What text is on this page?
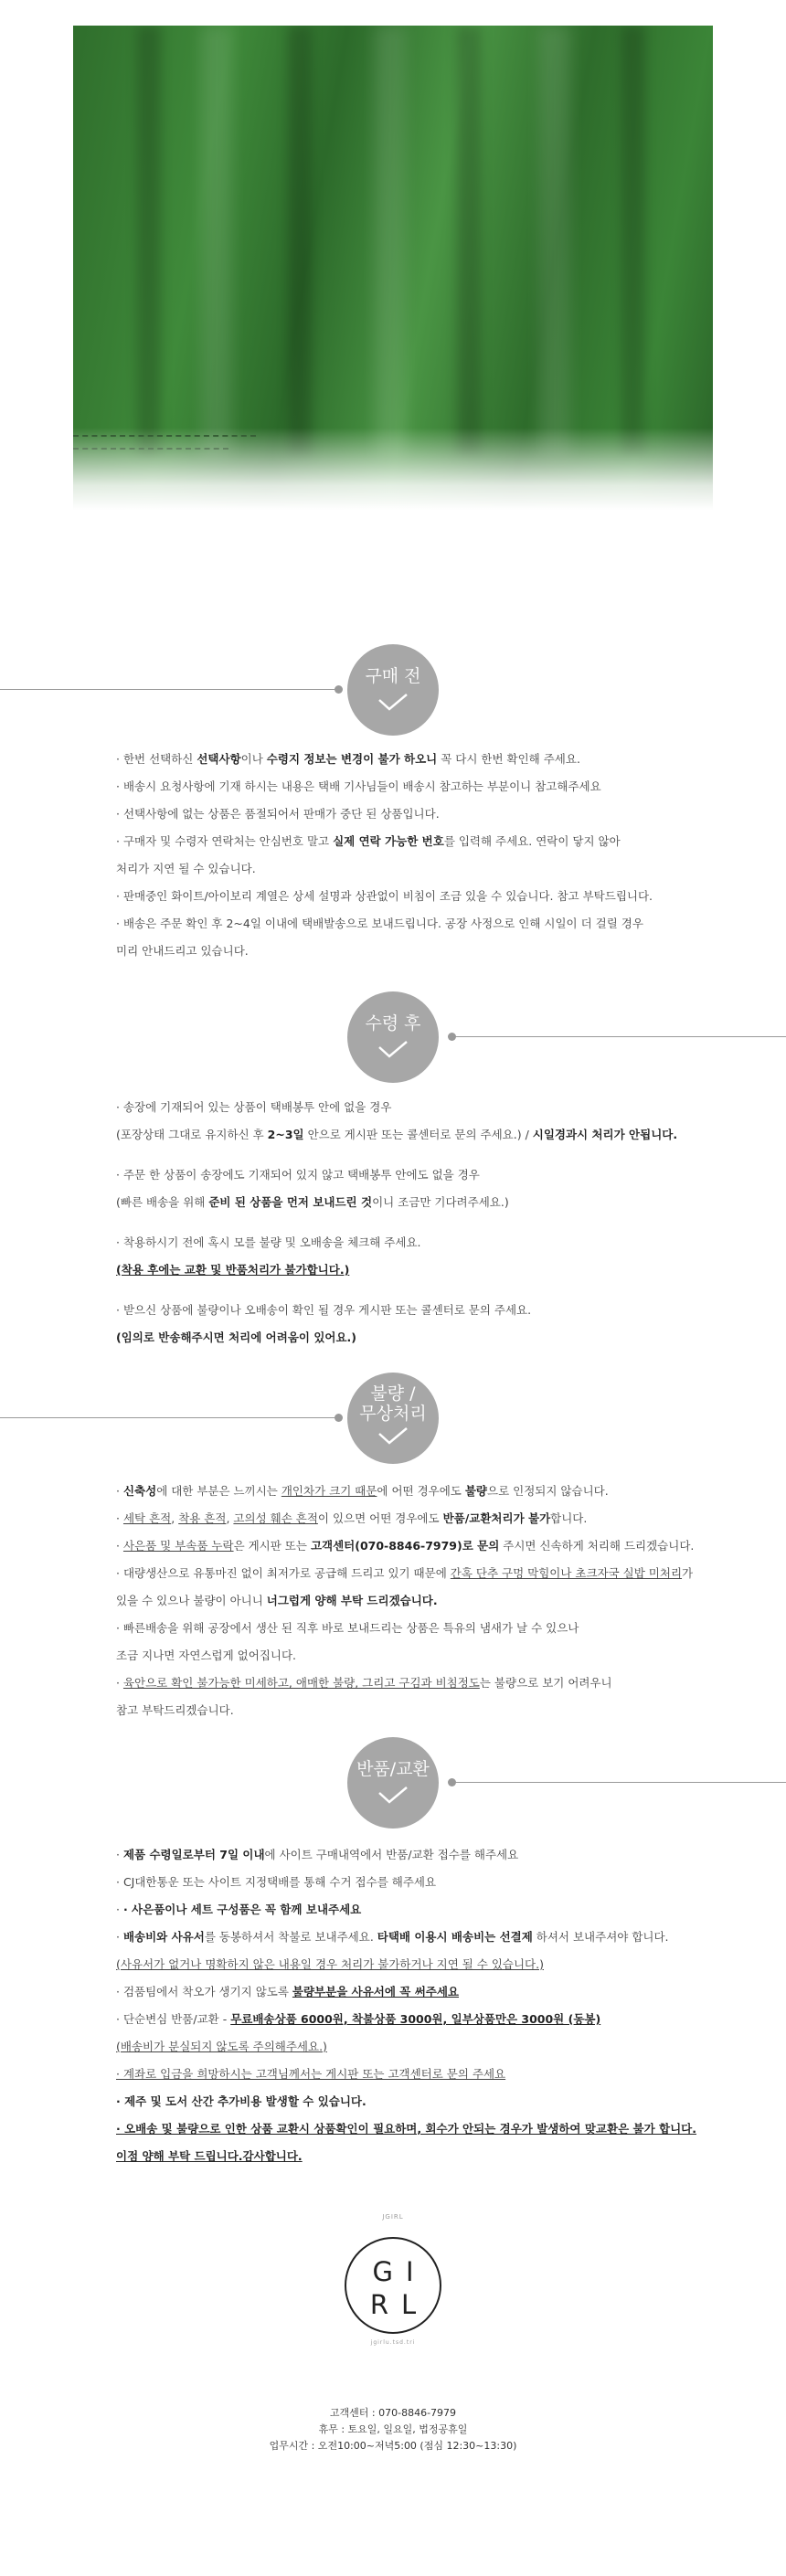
구매 전

· 한번 선택하신 선택사항이나 수령지 정보는 변경이 불가 하오니 꼭 다시 한번 확인해 주세요.

· 배송시 요청사항에 기재 하시는 내용은 택배 기사님들이 배송시 참고하는 부분이니 참고해주세요

· 선택사항에 없는 상품은 품절되어서 판매가 중단 된 상품입니다.

· 구매자 및 수령자 연락처는 안심번호 말고 실제 연락 가능한 번호를 입력해 주세요. 연락이 닿지 않아

처리가 지연 될 수 있습니다.

· 판매중인 화이트/아이보리 계열은 상세 설명과 상관없이 비침이 조금 있을 수 있습니다. 참고 부탁드립니다.

· 배송은 주문 확인 후 2~4일 이내에 택배발송으로 보내드립니다. 공장 사정으로 인해 시일이 더 걸릴 경우

미리 안내드리고 있습니다.

수령 후

· 송장에 기재되어 있는 상품이 택배봉투 안에 없을 경우

(포장상태 그대로 유지하신 후 2~3일 안으로 게시판 또는 콜센터로 문의 주세요.) / 시일경과시 처리가 안됩니다.

· 주문 한 상품이 송장에도 기재되어 있지 않고 택배봉투 안에도 없을 경우

(빠른 배송을 위해 준비 된 상품을 먼저 보내드린 것이니 조금만 기다려주세요.)

· 착용하시기 전에 혹시 모를 불량 및 오배송을 체크해 주세요.

(착용 후에는 교환 및 반품처리가 불가합니다.)

· 받으신 상품에 불량이나 오배송이 확인 될 경우 게시판 또는 콜센터로 문의 주세요.

(임의로 반송해주시면 처리에 어려움이 있어요.)

불량 /
무상처리

· 신축성에 대한 부분은 느끼시는 개인차가 크기 때문에 어떤 경우에도 불량으로 인정되지 않습니다.

· 세탁 흔적, 착용 흔적, 고의성 훼손 흔적이 있으면 어떤 경우에도 반품/교환처리가 불가합니다.

· 사은품 및 부속품 누락은 게시판 또는 고객센터(070-8846-7979)로 문의 주시면 신속하게 처리해 드리겠습니다.

· 대량생산으로 유통마진 없이 최저가로 공급해 드리고 있기 때문에 간혹 단추 구멍 막힘이나 초크자국 실밥 미처리가

있을 수 있으나 불량이 아니니 너그럽게 양해 부탁 드리겠습니다.

· 빠른배송을 위해 공장에서 생산 된 직후 바로 보내드리는 상품은 특유의 냄새가 날 수 있으나

조금 지나면 자연스럽게 없어집니다.

· 육안으로 확인 불가능한 미세하고, 애매한 불량, 그리고 구김과 비침정도는 불량으로 보기 어려우니

참고 부탁드리겠습니다.

반품/교환

· 제품 수령일로부터 7일 이내에 사이트 구매내역에서 반품/교환 접수를 해주세요

· CJ대한통운 또는 사이트 지정택배를 통해 수거 접수를 해주세요

· · 사은품이나 세트 구성품은 꼭 함께 보내주세요

· 배송비와 사유서를 동봉하셔서 착불로 보내주세요. 타택배 이용시 배송비는 선결제 하셔서 보내주셔야 합니다.

(사유서가 없거나 명확하지 않은 내용일 경우 처리가 불가하거나 지연 될 수 있습니다.)

· 검품팀에서 착오가 생기지 않도록 불량부분을 사유서에 꼭 써주세요

· 단순변심 반품/교환 - 무료배송상품 6000원, 착불상품 3000원, 일부상품만은 3000원 (동봉)

(배송비가 분실되지 않도록 주의해주세요.)

· 계좌로 입금을 희망하시는 고객님께서는 게시판 또는 고객센터로 문의 주세요

· 제주 및 도서 산간 추가비용 발생할 수 있습니다.

· 오배송 및 불량으로 인한 상품 교환시 상품확인이 필요하며, 회수가 안되는 경우가 발생하여 맞교환은 불가 합니다.

이점 양해 부탁 드립니다.감사합니다.

JGIRL
GI
RL
jgirlu.tsd.tri
고객센터 : 070-8846-7979
휴무 : 토요일, 일요일, 법정공휴일
업무시간 : 오전10:00~저녁5:00 (점심 12:30~13:30)
